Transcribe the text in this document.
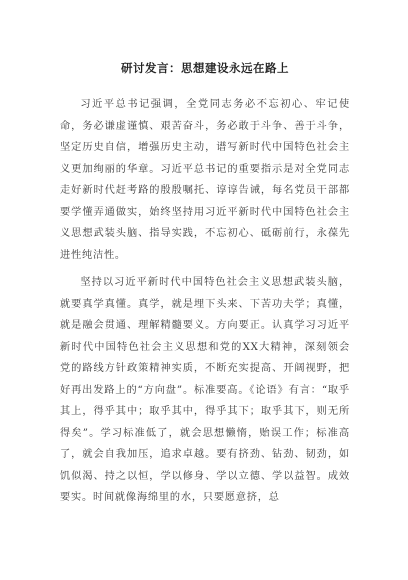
研讨发言：思想建设永远在路上

习近平总书记强调，全党同志务必不忘初心、牢记使命，务必谦虚谨慎、艰苦奋斗，务必敢于斗争、善于斗争，坚定历史自信，增强历史主动，谱写新时代中国特色社会主义更加绚丽的华章。习近平总书记的重要指示是对全党同志走好新时代赶考路的殷殷嘱托、谆谆告诫，每名党员干部都要学懂弄通做实，始终坚持用习近平新时代中国特色社会主义思想武装头脑、指导实践，不忘初心、砥砺前行，永葆先进性纯洁性。

坚持以习近平新时代中国特色社会主义思想武装头脑，就要真学真懂。真学，就是埋下头来、下苦功夫学；真懂，就是融会贯通、理解精髓要义。方向要正。认真学习习近平新时代中国特色社会主义思想和党的XX大精神，深刻领会党的路线方针政策精神实质，不断充实提高、开阔视野，把好再出发路上的“方向盘”。标准要高。《论语》有言：“取乎其上，得乎其中；取乎其中，得乎其下；取乎其下，则无所得矣”。学习标准低了，就会思想懒惰，贻误工作；标准高了，就会自我加压，追求卓越。要有挤劲、钻劲、韧劲，如饥似渴、持之以恒，学以修身、学以立德、学以益智。成效要实。时间就像海绵里的水，只要愿意挤，总
